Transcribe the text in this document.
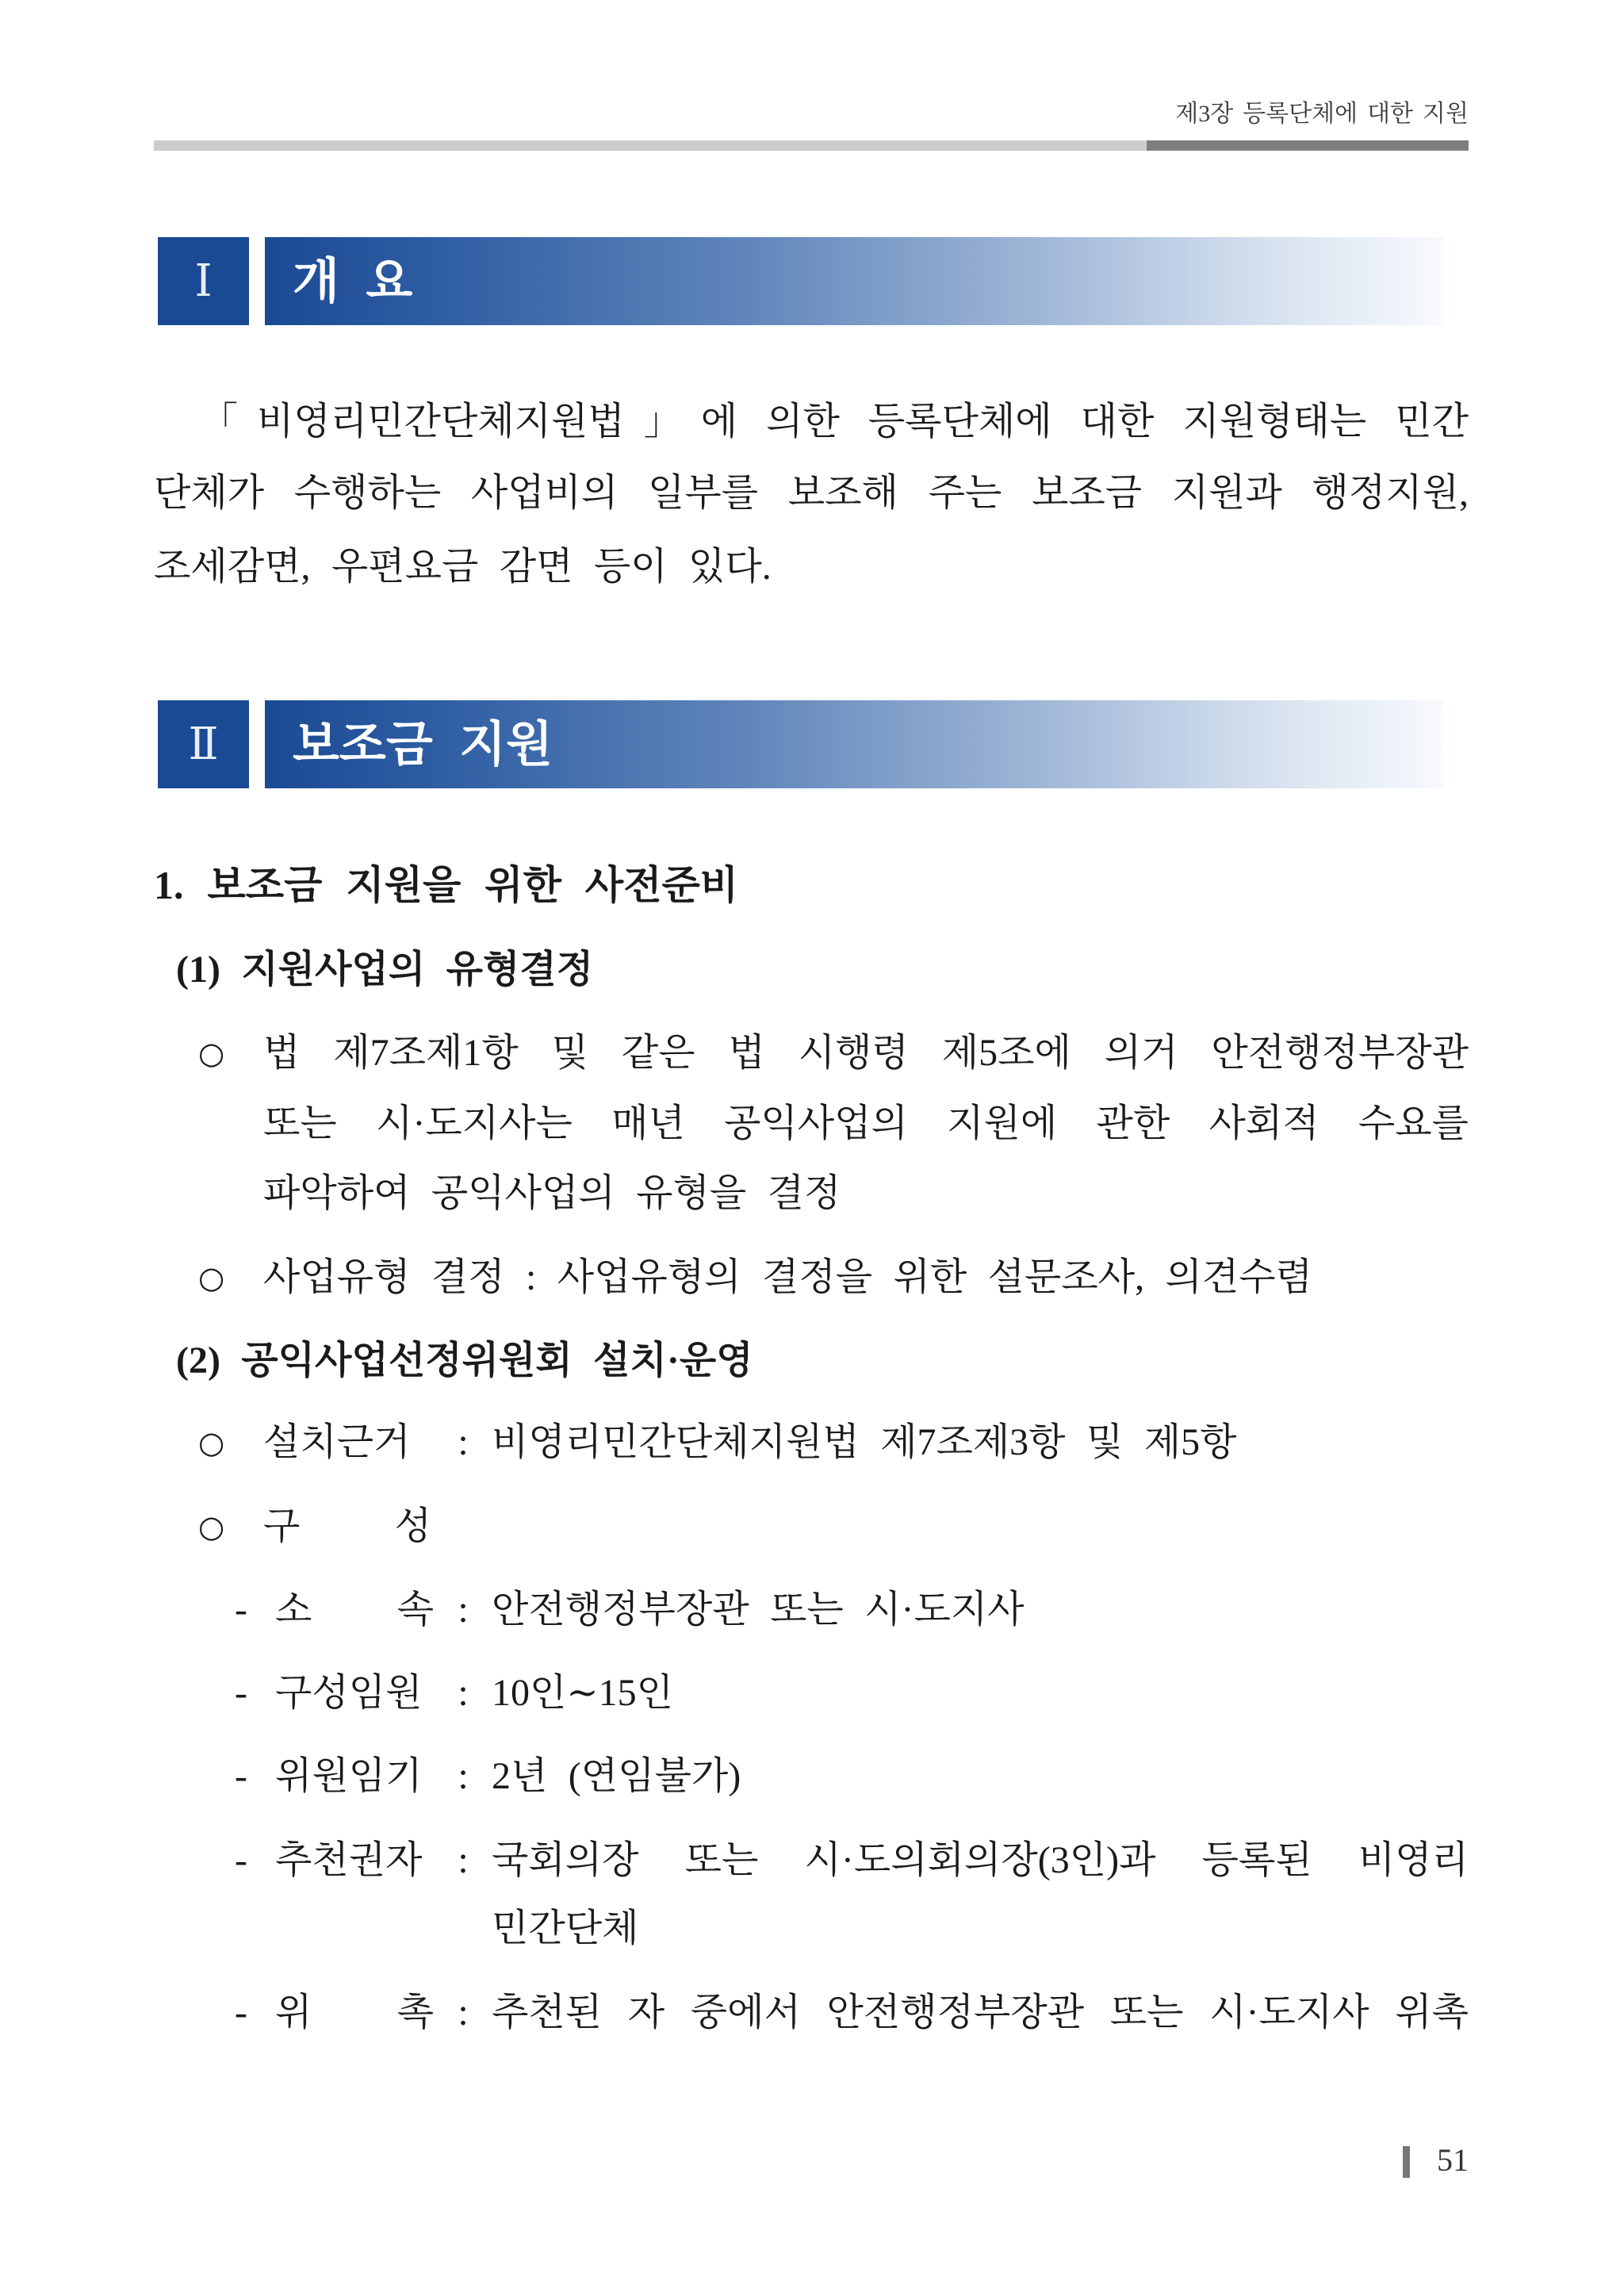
제3장 등록단체에 대한 지원
Ⅰ	개 요
「비영리민간단체지원법」에 의한 등록단체에 대한 지원형태는 민간
단체가 수행하는 사업비의 일부를 보조해 주는 보조금 지원과 행정지원,
조세감면, 우편요금 감면 등이 있다.
Ⅱ	보조금 지원
1. 보조금 지원을 위한 사전준비
(1) 지원사업의 유형결정
○ 법 제7조제1항 및 같은 법 시행령 제5조에 의거 안전행정부장관
또는 시·도지사는 매년 공익사업의 지원에 관한 사회적 수요를
파악하여 공익사업의 유형을 결정
○ 사업유형 결정 : 사업유형의 결정을 위한 설문조사, 의견수렴
(2) 공익사업선정위원회 설치·운영
○ 설치근거	: 비영리민간단체지원법 제7조제3항 및 제5항
○ 구 성
- 소 속 : 안전행정부장관 또는 시·도지사
- 구성임원 : 10인∼15인
- 위원임기 : 2년 (연임불가)
- 추천권자 : 국회의장 또는 시·도의회의장(3인)과 등록된 비영리
민간단체
- 위 촉 : 추천된 자 중에서 안전행정부장관 또는 시·도지사 위촉
51
